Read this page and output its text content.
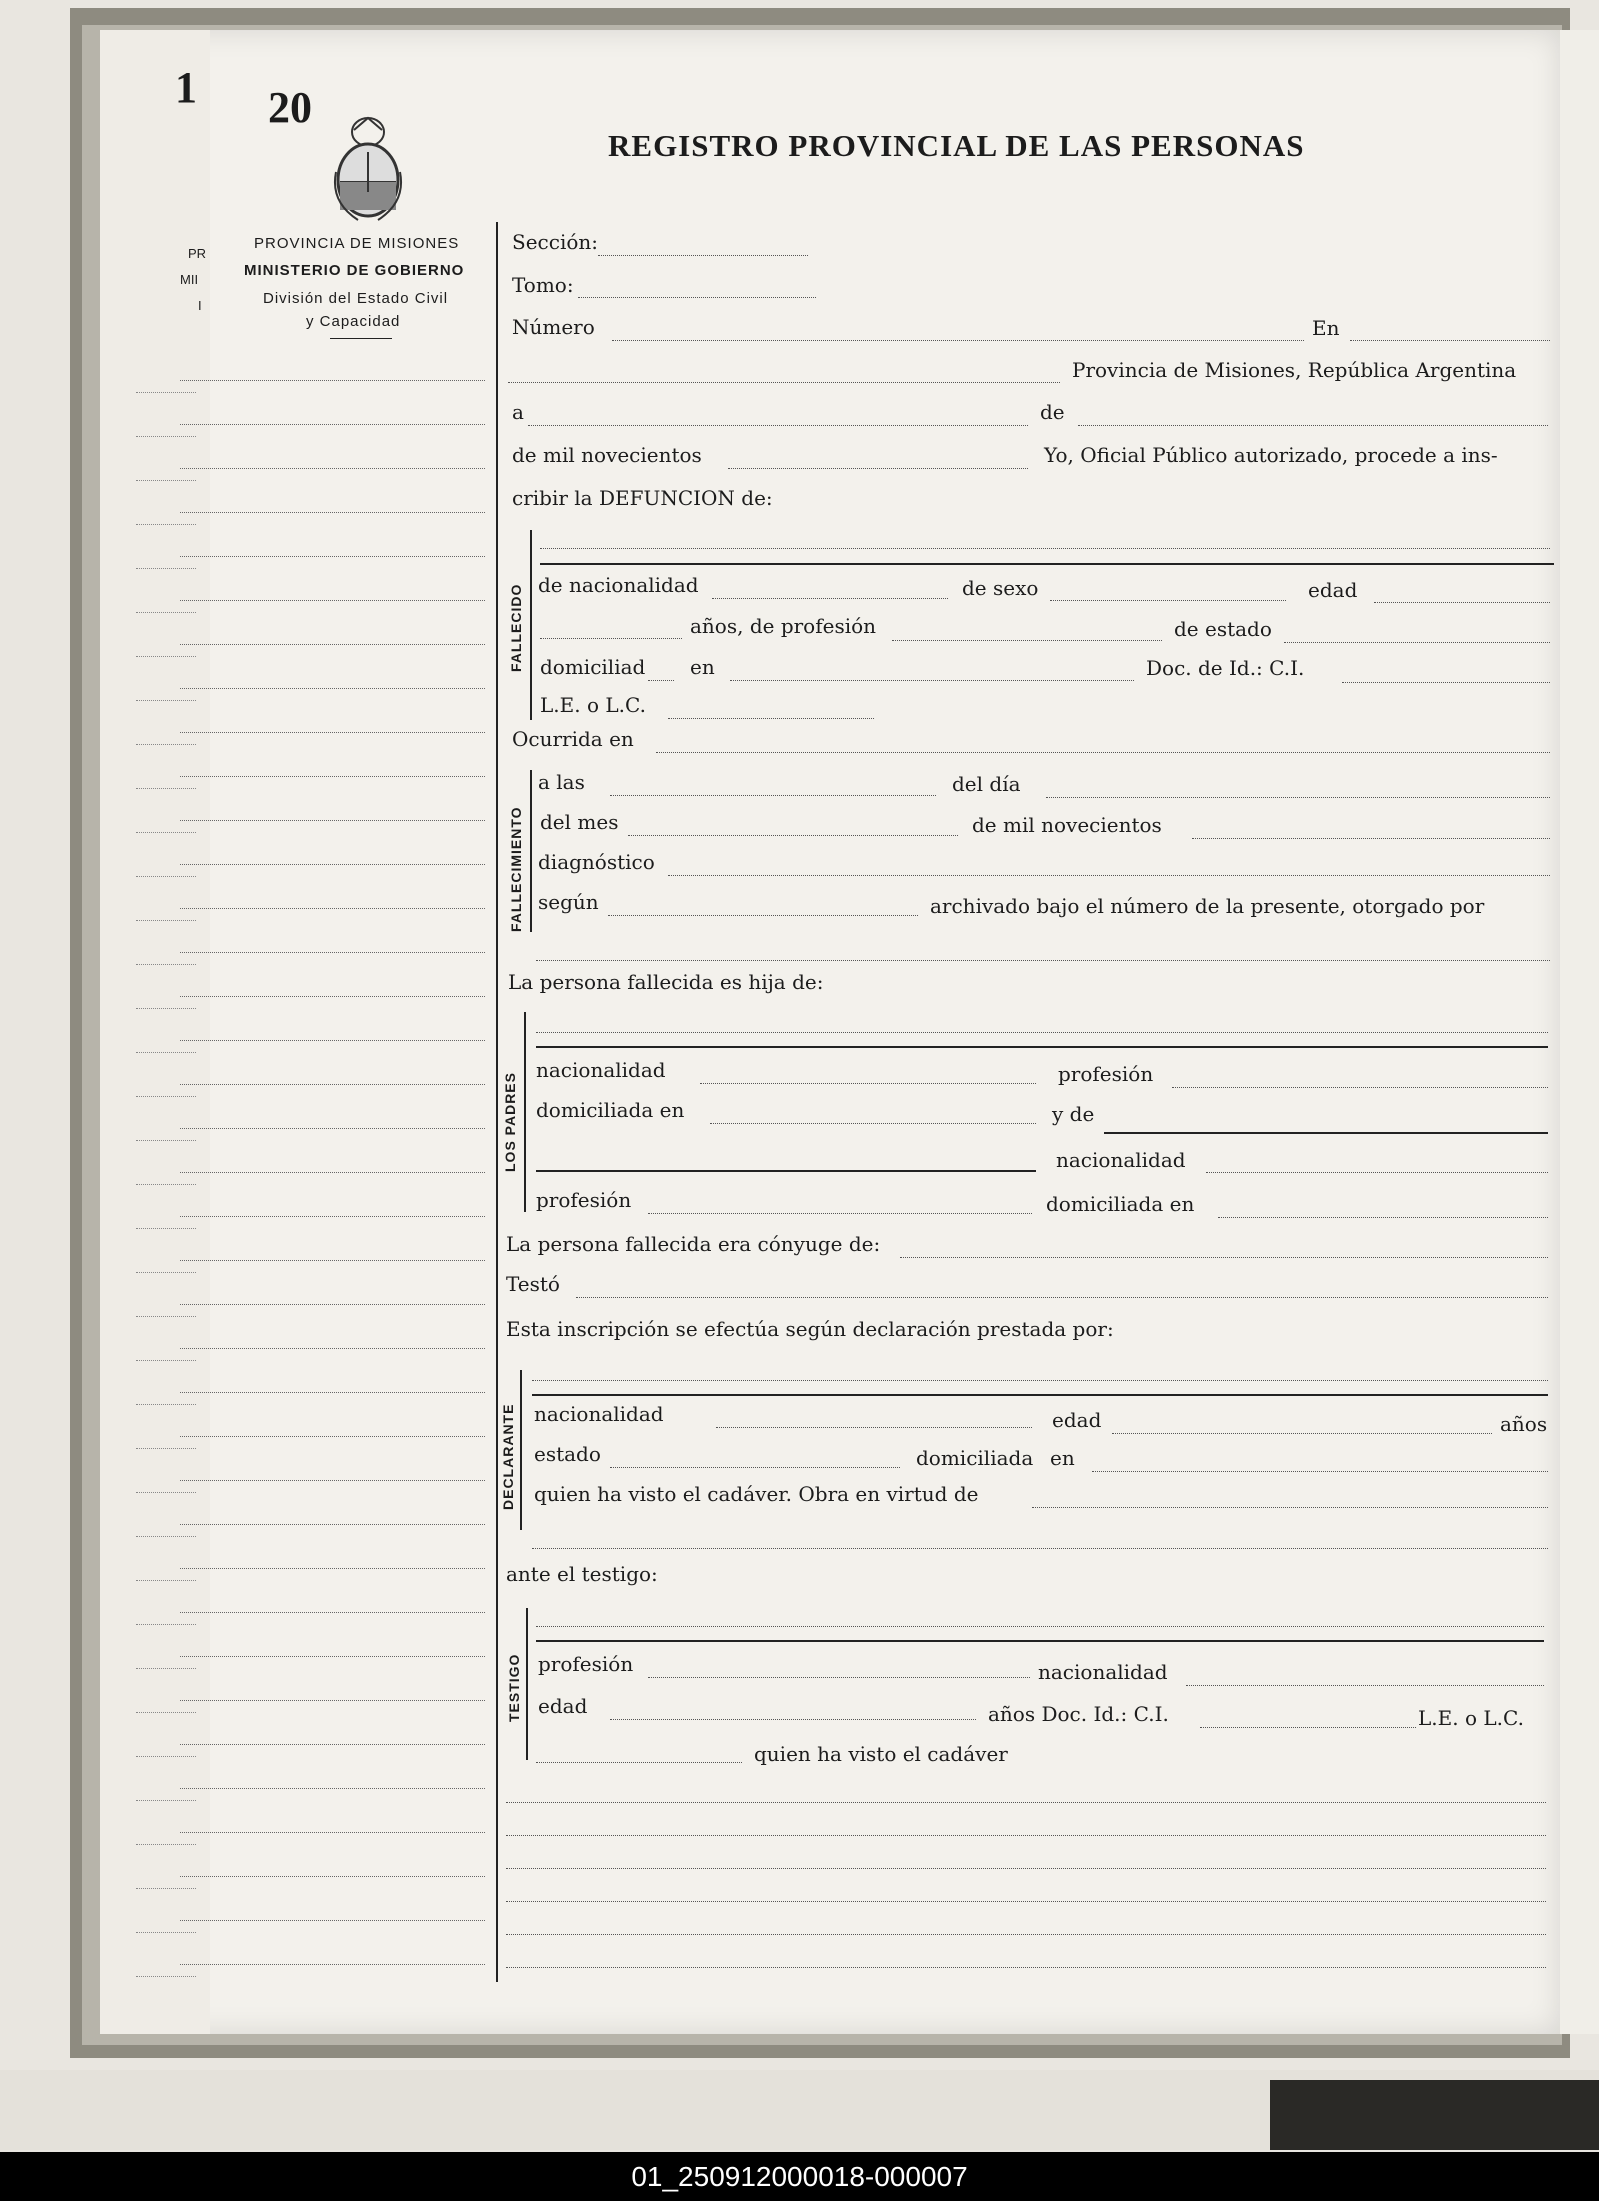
1
PR
MII
I
20
REGISTRO PROVINCIAL DE LAS PERSONAS
PROVINCIA DE MISIONES
MINISTERIO DE GOBIERNO
División del Estado Civil
y Capacidad
Sección:
Tomo:
Número	En
Provincia de Misiones, República Argentina
a	de
de mil novecientos	Yo, Oficial Público autorizado, procede a ins-
cribir la DEFUNCION de:
FALLECIDO de nacionalidad	de sexo	edad
años, de profesión	de estado
domiciliad en	Doc. de Id.: C.I.
L.E. o L.C.
Ocurrida en
FALLECIMIENTO
a las	del día
del mes	de mil novecientos
diagnóstico
según	archivado bajo el número de la presente, otorgado por
La persona fallecida es hija de:
LOS PADRES
nacionalidad	profesión
domiciliada en	y de
nacionalidad
profesión	domiciliada en
La persona fallecida era cónyuge de:
Testó
Esta inscripción se efectúa según declaración prestada por:
DECLARANTE nacionalidad	edad	años
estado	domiciliada en
quien ha visto el cadáver. Obra en virtud de
ante el testigo:
TESTIGO profesión	nacionalidad
edad	años Doc. Id.: C.I.	L.E. o L.C.
quien ha visto el cadáver
01_250912000018-000007
